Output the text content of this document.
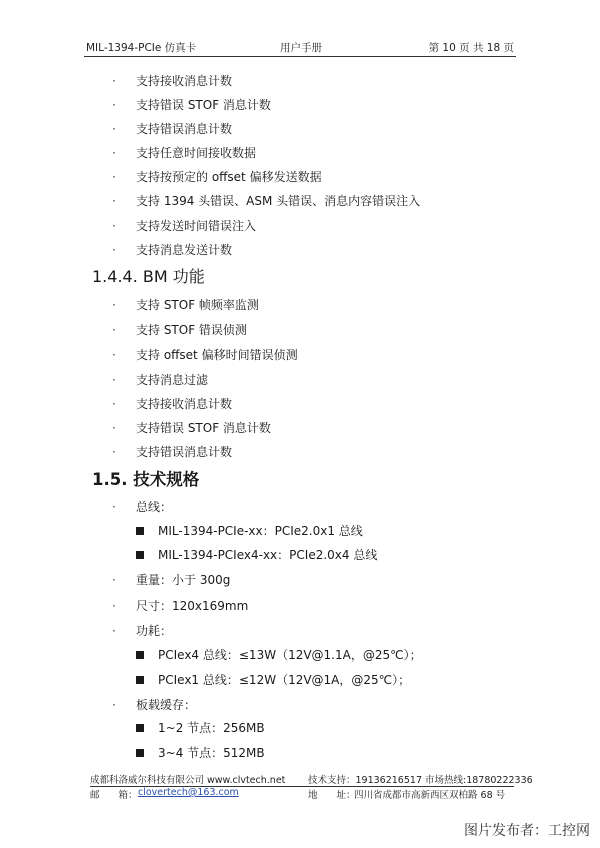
MIL-1394-PCIe 仿真卡	用户手册	第 10 页 共 18 页
· 支持接收消息计数
· 支持错误 STOF 消息计数
· 支持错误消息计数
· 支持任意时间接收数据
· 支持按预定的 offset 偏移发送数据
· 支持 1394 头错误、ASM 头错误、消息内容错误注入
· 支持发送时间错误注入
· 支持消息发送计数
1.4.4. BM 功能
· 支持 STOF 帧频率监测
· 支持 STOF 错误侦测
· 支持 offset 偏移时间错误侦测
· 支持消息过滤
· 支持接收消息计数
· 支持错误 STOF 消息计数
· 支持错误消息计数
1.5. 技术规格
· 总线：
MIL-1394-PCIe-xx：PCIe2.0x1 总线
MIL-1394-PCIex4-xx：PCIe2.0x4 总线
· 重量：小于 300g
· 尺寸：120x169mm
· 功耗：
PCIex4 总线：≤13W（12V@1.1A，@25℃）；
PCIex1 总线：≤12W（12V@1A，@25℃）；
· 板载缓存：
1~2 节点：256MB
3~4 节点：512MB
成都科洛威尔科技有限公司 www.clvtech.net 技术支持：19136216517 市场热线:18780222336
邮　　箱： clovertech@163.com	地　　址：
四川省成都市高新西区双柏路 68 号
图片发布者：工控网
